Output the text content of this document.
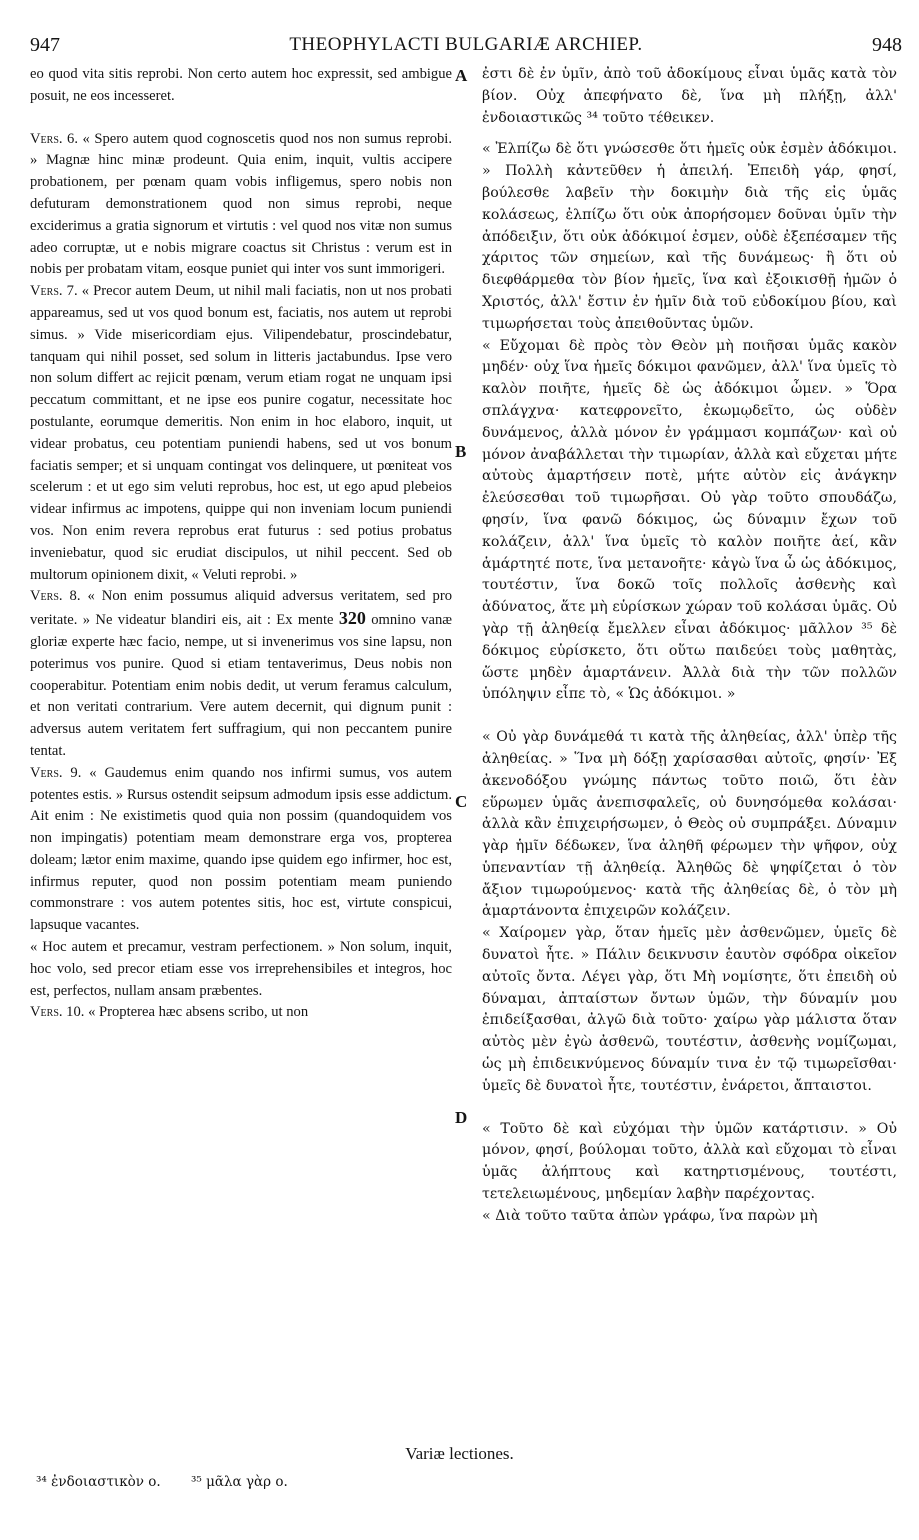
947	THEOPHYLACTI BULGARIÆ ARCHIEP.	948

eo quod vita sitis reprobi. Non certo autem hoc expressit, sed ambigue posuit, ne eos incesseret.

Vers. 6. « Spero autem quod cognoscetis quod nos non sumus reprobi. » Magnæ hinc minæ prodeunt. Quia enim, inquit, vultis accipere probationem, per pœnam quam vobis infligemus, spero nobis non defuturam demonstrationem quod non simus reprobi, neque exciderimus a gratia signorum et virtutis : vel quod nos vitæ non sumus adeo corruptæ, ut e nobis migrare coactus sit Christus : verum est in nobis per probatam vitam, eosque puniet qui inter vos sunt immorigeri.

Vers. 7. « Precor autem Deum, ut nihil mali faciatis, non ut nos probati appareamus, sed ut vos quod bonum est, faciatis, nos autem ut reprobi simus. » Vide misericordiam ejus. Vilipendebatur, proscindebatur, tanquam qui nihil posset, sed solum in litteris jactabundus. Ipse vero non solum differt ac rejicit pœnam, verum etiam rogat ne unquam ipsi peccatum committant, et ne ipse eos punire cogatur, necessitate hoc postulante, eorumque demeritis. Non enim in hoc elaboro, inquit, ut videar probatus, ceu potentiam puniendi habens, sed ut vos bonum faciatis semper; et si unquam contingat vos delinquere, ut pœniteat vos scelerum : et ut ego sim veluti reprobus, hoc est, ut ego apud plebeios videar infirmus ac impotens, quippe qui non inveniam locum puniendi vos. Non enim revera reprobus erat futurus : sed potius probatus inveniebatur, quod sic erudiat discipulos, ut nihil peccent. Sed ob multorum opinionem dixit, « Veluti reprobi. »

Vers. 8. « Non enim possumus aliquid adversus veritatem, sed pro veritate. » Ne videatur blandiri eis, ait : Ex mente 320 omnino vanæ gloriæ experte hæc facio, nempe, ut si invenerimus vos sine lapsu, non poterimus vos punire. Quod si etiam tentaverimus, Deus nobis non cooperabitur. Potentiam enim nobis dedit, ut verum feramus calculum, et non veritati contrarium. Vere autem decernit, qui dignum punit : adversus autem veritatem fert suffragium, qui non peccantem punire tentat.

Vers. 9. « Gaudemus enim quando nos infirmi sumus, vos autem potentes estis. » Rursus ostendit seipsum admodum ipsis esse addictum. Ait enim : Ne existimetis quod quia non possim (quandoquidem vos non impingatis) potentiam meam demonstrare erga vos, propterea doleam; lætor enim maxime, quando ipse quidem ego infirmer, hoc est, infirmus reputer, quod non possim potentiam meam puniendo commonstrare : vos autem potentes sitis, hoc est, virtute conspicui, lapsuque vacantes.

« Hoc autem et precamur, vestram perfectionem. » Non solum, inquit, hoc volo, sed precor etiam esse vos irreprehensibiles et integros, hoc est, perfectos, nullam ansam præbentes.

Vers. 10. « Propterea hæc absens scribo, ut non

A
B
C
D

ἐστι δὲ ἐν ὑμῖν, ἀπὸ τοῦ ἀδοκίμους εἶναι ὑμᾶς κατὰ τὸν βίον. Οὐχ ἀπεφήνατο δὲ, ἵνα μὴ πλήξῃ, ἀλλ' ἐνδοιαστικῶς ³⁴ τοῦτο τέθεικεν.

« Ἐλπίζω δὲ ὅτι γνώσεσθε ὅτι ἡμεῖς οὐκ ἐσμὲν ἀδόκιμοι. » Πολλὴ κἀντεῦθεν ἡ ἀπειλή. Ἐπειδὴ γάρ, φησί, βούλεσθε λαβεῖν τὴν δοκιμὴν διὰ τῆς εἰς ὑμᾶς κολάσεως, ἐλπίζω ὅτι οὐκ ἀπορήσομεν δοῦναι ὑμῖν τὴν ἀπόδειξιν, ὅτι οὐκ ἀδόκιμοί ἐσμεν, οὐδὲ ἐξεπέσαμεν τῆς χάριτος τῶν σημείων, καὶ τῆς δυνάμεως· ἢ ὅτι οὐ διεφθάρμεθα τὸν βίον ἡμεῖς, ἵνα καὶ ἐξοικισθῇ ἡμῶν ὁ Χριστός, ἀλλ' ἔστιν ἐν ἡμῖν διὰ τοῦ εὐδοκίμου βίου, καὶ τιμωρήσεται τοὺς ἀπειθοῦντας ὑμῶν.

« Εὔχομαι δὲ πρὸς τὸν Θεὸν μὴ ποιῆσαι ὑμᾶς κακὸν μηδέν· οὐχ ἵνα ἡμεῖς δόκιμοι φανῶμεν, ἀλλ' ἵνα ὑμεῖς τὸ καλὸν ποιῆτε, ἡμεῖς δὲ ὡς ἀδόκιμοι ὦμεν. » Ὅρα σπλάγχνα· κατεφρονεῖτο, ἐκωμῳδεῖτο, ὡς οὐδὲν δυνάμενος, ἀλλὰ μόνον ἐν γράμμασι κομπάζων· καὶ οὐ μόνον ἀναβάλλεται τὴν τιμωρίαν, ἀλλὰ καὶ εὔχεται μήτε αὐτοὺς ἁμαρτήσειν ποτὲ, μήτε αὐτὸν εἰς ἀνάγκην ἐλεύσεσθαι τοῦ τιμωρῆσαι. Οὐ γὰρ τοῦτο σπουδάζω, φησίν, ἵνα φανῶ δόκιμος, ὡς δύναμιν ἔχων τοῦ κολάζειν, ἀλλ' ἵνα ὑμεῖς τὸ καλὸν ποιῆτε ἀεί, κἂν ἁμάρτητέ ποτε, ἵνα μετανοῆτε· κἀγὼ ἵνα ὦ ὡς ἀδόκιμος, τουτέστιν, ἵνα δοκῶ τοῖς πολλοῖς ἀσθενὴς καὶ ἀδύνατος, ἅτε μὴ εὑρίσκων χώραν τοῦ κολάσαι ὑμᾶς. Οὐ γὰρ τῇ ἀληθείᾳ ἔμελλεν εἶναι ἀδόκιμος· μᾶλλον ³⁵ δὲ δόκιμος εὑρίσκετο, ὅτι οὕτω παιδεύει τοὺς μαθητὰς, ὥστε μηδὲν ἁμαρτάνειν. Ἀλλὰ διὰ τὴν τῶν πολλῶν ὑπόληψιν εἶπε τὸ, « Ὡς ἀδόκιμοι. »

« Οὐ γὰρ δυνάμεθά τι κατὰ τῆς ἀληθείας, ἀλλ' ὑπὲρ τῆς ἀληθείας. » Ἵνα μὴ δόξῃ χαρίσασθαι αὐτοῖς, φησίν· Ἐξ ἀκενοδόξου γνώμης πάντως τοῦτο ποιῶ, ὅτι ἐὰν εὕρωμεν ὑμᾶς ἀνεπισφαλεῖς, οὐ δυνησόμεθα κολάσαι· ἀλλὰ κἂν ἐπιχειρήσωμεν, ὁ Θεὸς οὐ συμπράξει. Δύναμιν γὰρ ἡμῖν δέδωκεν, ἵνα ἀληθῆ φέρωμεν τὴν ψῆφον, οὐχ ὑπεναντίαν τῇ ἀληθείᾳ. Ἀληθῶς δὲ ψηφίζεται ὁ τὸν ἄξιον τιμωρούμενος· κατὰ τῆς ἀληθείας δὲ, ὁ τὸν μὴ ἁμαρτάνοντα ἐπιχειρῶν κολάζειν.

« Χαίρομεν γὰρ, ὅταν ἡμεῖς μὲν ἀσθενῶμεν, ὑμεῖς δὲ δυνατοὶ ἦτε. » Πάλιν δεικνυσιν ἑαυτὸν σφόδρα οἰκεῖον αὐτοῖς ὄντα. Λέγει γὰρ, ὅτι Μὴ νομίσητε, ὅτι ἐπειδὴ οὐ δύναμαι, ἀπταίστων ὄντων ὑμῶν, τὴν δύναμίν μου ἐπιδείξασθαι, ἀλγῶ διὰ τοῦτο· χαίρω γὰρ μάλιστα ὅταν αὐτὸς μὲν ἐγὼ ἀσθενῶ, τουτέστιν, ἀσθενὴς νομίζωμαι, ὡς μὴ ἐπιδεικνύμενος δύναμίν τινα ἐν τῷ τιμωρεῖσθαι· ὑμεῖς δὲ δυνατοὶ ἦτε, τουτέστιν, ἐνάρετοι, ἄπταιστοι.

« Τοῦτο δὲ καὶ εὐχόμαι τὴν ὑμῶν κατάρτισιν. » Οὐ μόνον, φησί, βούλομαι τοῦτο, ἀλλὰ καὶ εὔχομαι τὸ εἶναι ὑμᾶς ἀλήπτους καὶ κατηρτισμένους, τουτέστι, τετελειωμένους, μηδεμίαν λαβὴν παρέχοντας.

« Διὰ τοῦτο ταῦτα ἀπὼν γράφω, ἵνα παρὼν μὴ

Variæ lectiones.
³⁴ ἐνδοιαστικὸν ο. ³⁵ μᾶλα γὰρ ο.
